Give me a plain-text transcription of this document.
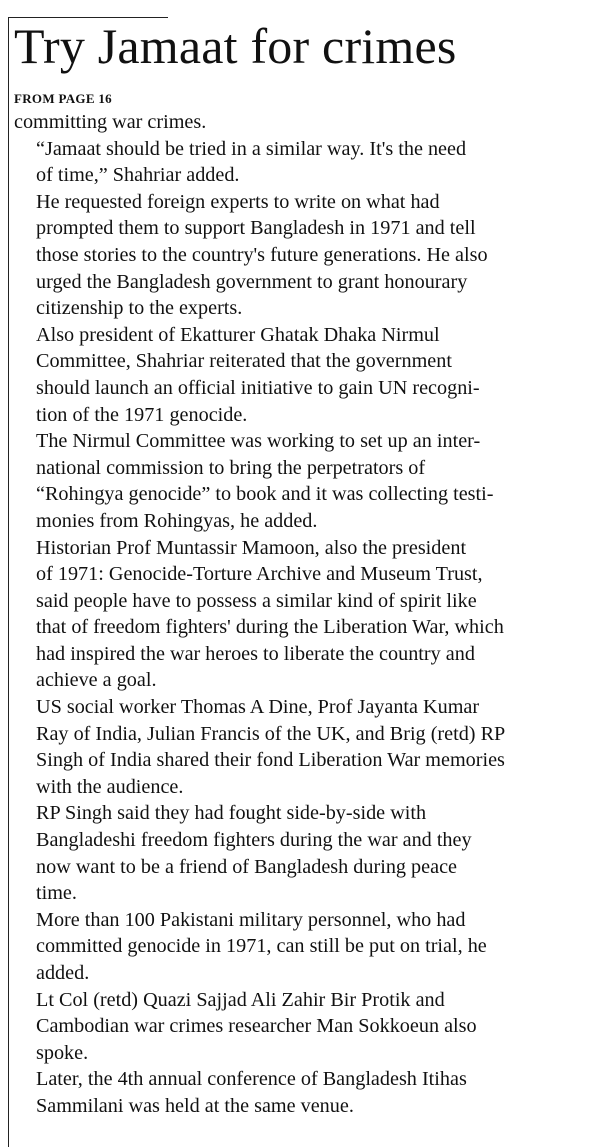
Try Jamaat for crimes
FROM PAGE 16

committing war crimes.

“Jamaat should be tried in a similar way. It's the need
of time,” Shahriar added.

He requested foreign experts to write on what had
prompted them to support Bangladesh in 1971 and tell
those stories to the country's future generations. He also
urged the Bangladesh government to grant honourary
citizenship to the experts.

Also president of Ekatturer Ghatak Dhaka Nirmul
Committee, Shahriar reiterated that the government
should launch an official initiative to gain UN recogni-
tion of the 1971 genocide.

The Nirmul Committee was working to set up an inter-
national commission to bring the perpetrators of
“Rohingya genocide” to book and it was collecting testi-
monies from Rohingyas, he added.

Historian Prof Muntassir Mamoon, also the president
of 1971: Genocide-Torture Archive and Museum Trust,
said people have to possess a similar kind of spirit like
that of freedom fighters' during the Liberation War, which
had inspired the war heroes to liberate the country and
achieve a goal.

US social worker Thomas A Dine, Prof Jayanta Kumar
Ray of India, Julian Francis of the UK, and Brig (retd) RP
Singh of India shared their fond Liberation War memories
with the audience.

RP Singh said they had fought side-by-side with
Bangladeshi freedom fighters during the war and they
now want to be a friend of Bangladesh during peace
time.

More than 100 Pakistani military personnel, who had
committed genocide in 1971, can still be put on trial, he
added.

Lt Col (retd) Quazi Sajjad Ali Zahir Bir Protik and
Cambodian war crimes researcher Man Sokkoeun also
spoke.

Later, the 4th annual conference of Bangladesh Itihas
Sammilani was held at the same venue.
